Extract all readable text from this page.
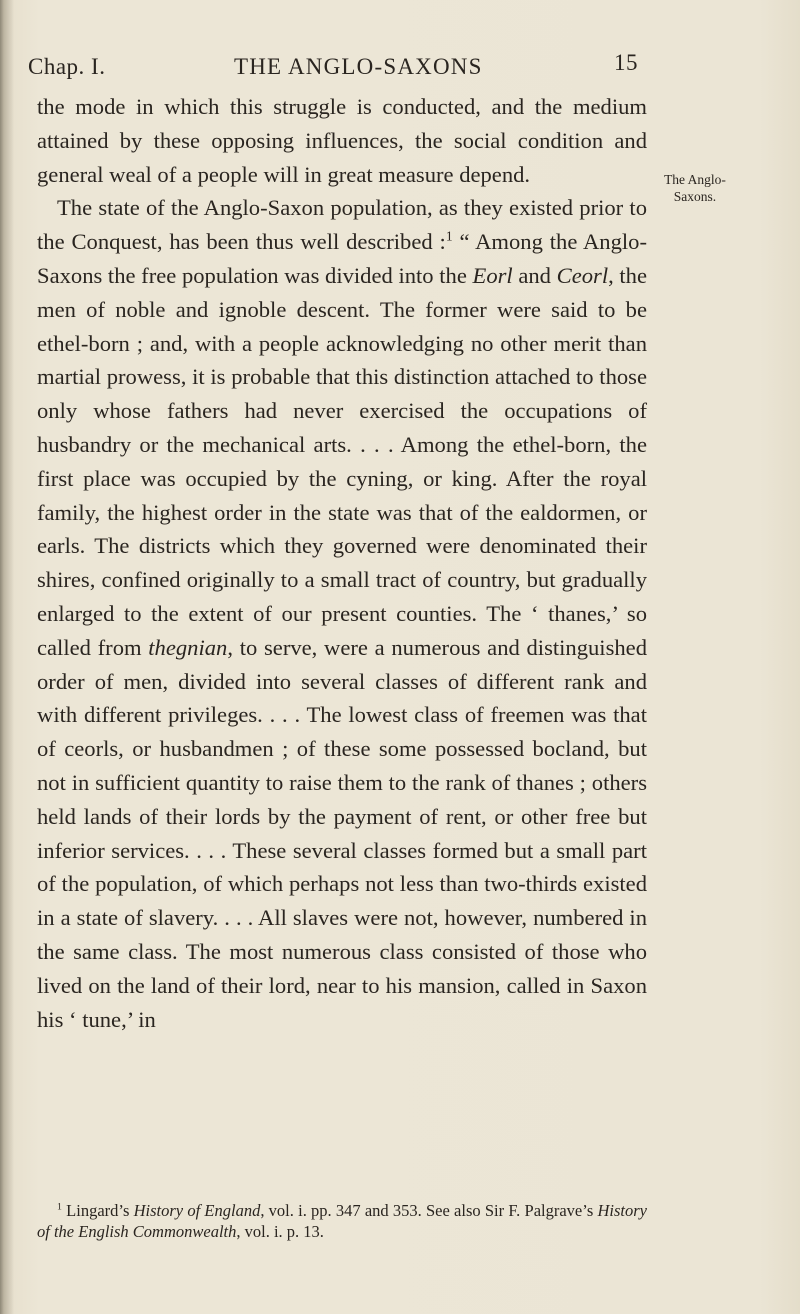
Chap. I.	THE ANGLO-SAXONS	15

the mode in which this struggle is conducted, and the medium attained by these opposing influences, the social condition and general weal of a people will in great measure depend.

The state of the Anglo-Saxon population, as they existed prior to the Conquest, has been thus well described :$^1$ “ Among the Anglo-Saxons the free population was divided into the Eorl and Ceorl, the men of noble and ignoble descent. The former were said to be ethel-born ; and, with a people acknowledging no other merit than martial prowess, it is probable that this distinction attached to those only whose fathers had never exercised the occupations of husbandry or the mechanical arts. . . . Among the ethel-born, the first place was occupied by the cyning, or king. After the royal family, the highest order in the state was that of the ealdormen, or earls. The districts which they governed were denominated their shires, confined originally to a small tract of country, but gradually enlarged to the extent of our present counties. The ‘ thanes,’ so called from thegnian, to serve, were a numerous and distinguished order of men, divided into several classes of different rank and with different privileges. . . . The lowest class of freemen was that of ceorls, or husbandmen ; of these some possessed bocland, but not in sufficient quantity to raise them to the rank of thanes ; others held lands of their lords by the payment of rent, or other free but inferior services. . . . These several classes formed but a small part of the population, of which perhaps not less than two-thirds existed in a state of slavery. . . . All slaves were not, however, numbered in the same class. The most numerous class consisted of those who lived on the land of their lord, near to his mansion, called in Saxon his ‘ tune,’ in

The Anglo-Saxons.

$^1$ Lingard’s History of England, vol. i. pp. 347 and 353. See also Sir F. Palgrave’s History of the English Commonwealth, vol. i. p. 13.
